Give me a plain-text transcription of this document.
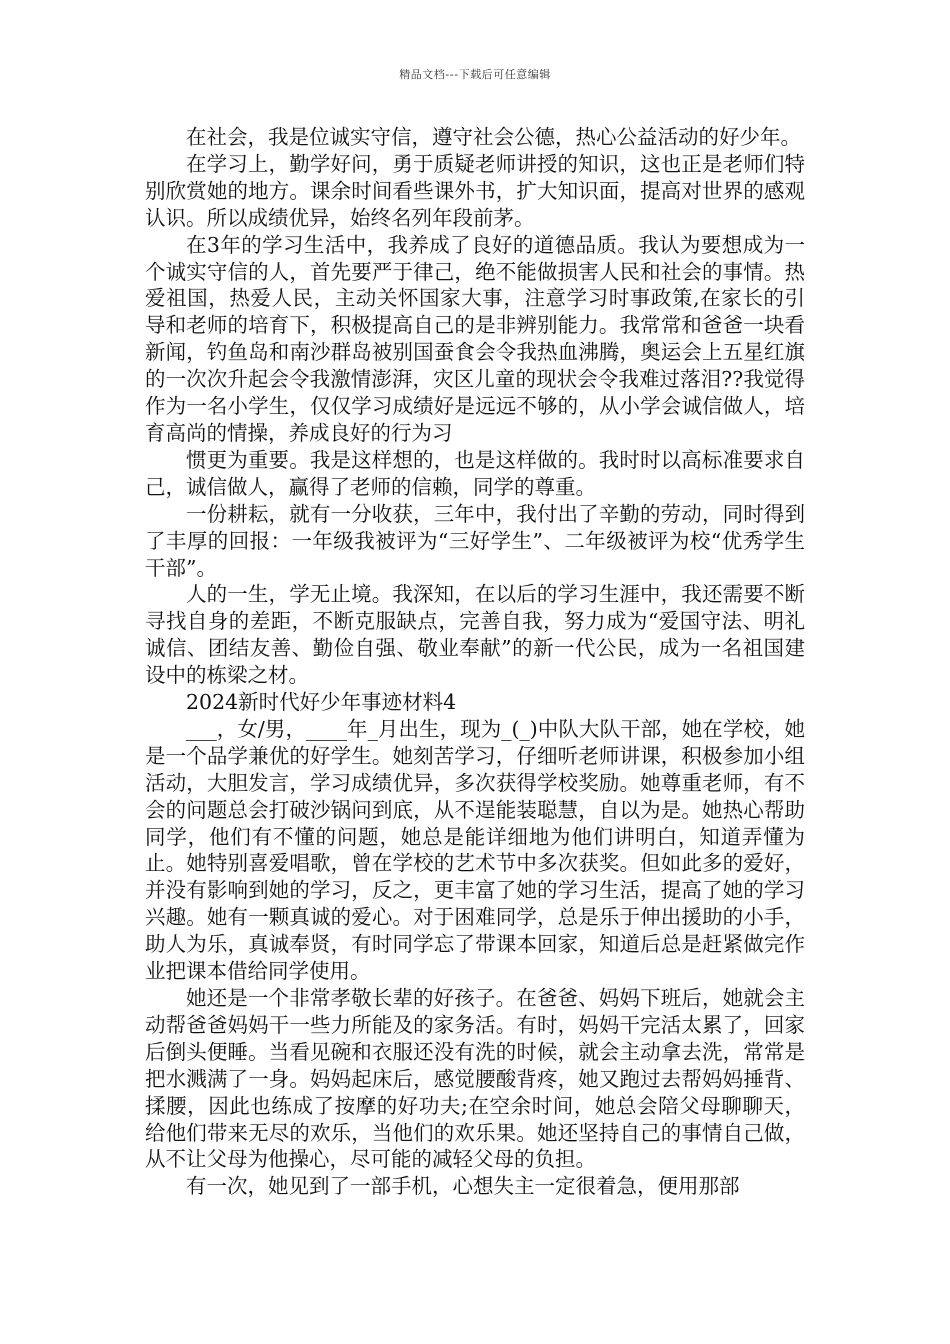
精品文档---下载后可任意编辑

在社会，我是位诚实守信，遵守社会公德，热心公益活动的好少年。

在学习上，勤学好问，勇于质疑老师讲授的知识，这也正是老师们特别欣赏她的地方。课余时间看些课外书，扩大知识面，提高对世界的感观认识。所以成绩优异，始终名列年段前茅。

在3年的学习生活中，我养成了良好的道德品质。我认为要想成为一个诚实守信的人，首先要严于律己，绝不能做损害人民和社会的事情。热爱祖国，热爱人民，主动关怀国家大事，注意学习时事政策,在家长的引导和老师的培育下，积极提高自己的是非辨别能力。我常常和爸爸一块看新闻，钓鱼岛和南沙群岛被别国蚕食会令我热血沸腾，奥运会上五星红旗的一次次升起会令我激情澎湃，灾区儿童的现状会令我难过落泪??我觉得作为一名小学生，仅仅学习成绩好是远远不够的，从小学会诚信做人，培育高尚的情操，养成良好的行为习

惯更为重要。我是这样想的，也是这样做的。我时时以高标准要求自己，诚信做人，赢得了老师的信赖，同学的尊重。

一份耕耘，就有一分收获，三年中，我付出了辛勤的劳动，同时得到了丰厚的回报：一年级我被评为“三好学生”、二年级被评为校“优秀学生干部”。

人的一生，学无止境。我深知，在以后的学习生涯中，我还需要不断寻找自身的差距，不断克服缺点，完善自我，努力成为“爱国守法、明礼诚信、团结友善、勤俭自强、敬业奉献”的新一代公民，成为一名祖国建设中的栋梁之材。

2024新时代好少年事迹材料4

___，女/男，____年_月出生，现为_(_)中队大队干部，她在学校，她是一个品学兼优的好学生。她刻苦学习，仔细听老师讲课，积极参加小组活动，大胆发言，学习成绩优异，多次获得学校奖励。她尊重老师，有不会的问题总会打破沙锅问到底，从不逞能装聪慧，自以为是。她热心帮助同学，他们有不懂的问题，她总是能详细地为他们讲明白，知道弄懂为止。她特别喜爱唱歌，曾在学校的艺术节中多次获奖。但如此多的爱好，并没有影响到她的学习，反之，更丰富了她的学习生活，提高了她的学习兴趣。她有一颗真诚的爱心。对于困难同学，总是乐于伸出援助的小手，助人为乐，真诚奉贤，有时同学忘了带课本回家，知道后总是赶紧做完作业把课本借给同学使用。

她还是一个非常孝敬长辈的好孩子。在爸爸、妈妈下班后，她就会主动帮爸爸妈妈干一些力所能及的家务活。有时，妈妈干完活太累了，回家后倒头便睡。当看见碗和衣服还没有洗的时候，就会主动拿去洗，常常是把水溅满了一身。妈妈起床后，感觉腰酸背疼，她又跑过去帮妈妈捶背、揉腰，因此也练成了按摩的好功夫;在空余时间，她总会陪父母聊聊天，给他们带来无尽的欢乐，当他们的欢乐果。她还坚持自己的事情自己做，从不让父母为他操心，尽可能的减轻父母的负担。

有一次，她见到了一部手机，心想失主一定很着急，便用那部
